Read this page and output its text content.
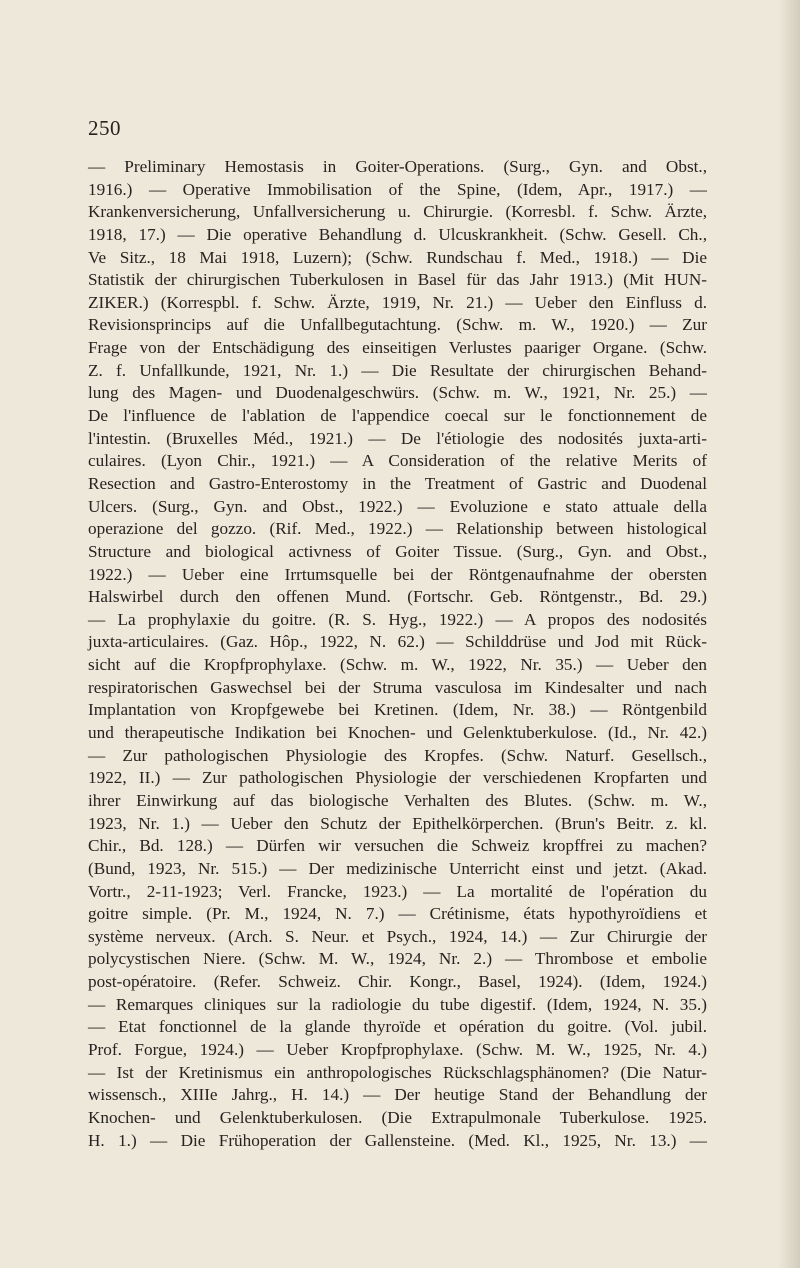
250
— Preliminary Hemostasis in Goiter-Operations. (Surg., Gyn. and Obst.,
1916.) — Operative Immobilisation of the Spine, (Idem, Apr., 1917.) —
Krankenversicherung, Unfallversicherung u. Chirurgie. (Korresbl. f. Schw. Ärzte,
1918, 17.) — Die operative Behandlung d. Ulcuskrankheit. (Schw. Gesell. Ch.,
Ve Sitz., 18 Mai 1918, Luzern); (Schw. Rundschau f. Med., 1918.) — Die
Statistik der chirurgischen Tuberkulosen in Basel für das Jahr 1913.) (Mit HUN-
ZIKER.) (Korrespbl. f. Schw. Ärzte, 1919, Nr. 21.) — Ueber den Einfluss d.
Revisionsprincips auf die Unfallbegutachtung. (Schw. m. W., 1920.) — Zur
Frage von der Entschädigung des einseitigen Verlustes paariger Organe. (Schw.
Z. f. Unfallkunde, 1921, Nr. 1.) — Die Resultate der chirurgischen Behand-
lung des Magen- und Duodenalgeschwürs. (Schw. m. W., 1921, Nr. 25.) —
De l'influence de l'ablation de l'appendice coecal sur le fonctionnement de
l'intestin. (Bruxelles Méd., 1921.) — De l'étiologie des nodosités juxta-arti-
culaires. (Lyon Chir., 1921.) — A Consideration of the relative Merits of
Resection and Gastro-Enterostomy in the Treatment of Gastric and Duodenal
Ulcers. (Surg., Gyn. and Obst., 1922.) — Evoluzione e stato attuale della
operazione del gozzo. (Rif. Med., 1922.) — Relationship between histological
Structure and biological activness of Goiter Tissue. (Surg., Gyn. and Obst.,
1922.) — Ueber eine Irrtumsquelle bei der Röntgenaufnahme der obersten
Halswirbel durch den offenen Mund. (Fortschr. Geb. Röntgenstr., Bd. 29.)
— La prophylaxie du goitre. (R. S. Hyg., 1922.) — A propos des nodosités
juxta-articulaires. (Gaz. Hôp., 1922, N. 62.) — Schilddrüse und Jod mit Rück-
sicht auf die Kropfprophylaxe. (Schw. m. W., 1922, Nr. 35.) — Ueber den
respiratorischen Gaswechsel bei der Struma vasculosa im Kindesalter und nach
Implantation von Kropfgewebe bei Kretinen. (Idem, Nr. 38.) — Röntgenbild
und therapeutische Indikation bei Knochen- und Gelenktuberkulose. (Id., Nr. 42.)
— Zur pathologischen Physiologie des Kropfes. (Schw. Naturf. Gesellsch.,
1922, II.) — Zur pathologischen Physiologie der verschiedenen Kropfarten und
ihrer Einwirkung auf das biologische Verhalten des Blutes. (Schw. m. W.,
1923, Nr. 1.) — Ueber den Schutz der Epithelkörperchen. (Brun's Beitr. z. kl.
Chir., Bd. 128.) — Dürfen wir versuchen die Schweiz kropffrei zu machen?
(Bund, 1923, Nr. 515.) — Der medizinische Unterricht einst und jetzt. (Akad.
Vortr., 2-11-1923; Verl. Francke, 1923.) — La mortalité de l'opération du
goitre simple. (Pr. M., 1924, N. 7.) — Crétinisme, états hypothyroïdiens et
système nerveux. (Arch. S. Neur. et Psych., 1924, 14.) — Zur Chirurgie der
polycystischen Niere. (Schw. M. W., 1924, Nr. 2.) — Thrombose et embolie
post-opératoire. (Refer. Schweiz. Chir. Kongr., Basel, 1924). (Idem, 1924.)
— Remarques cliniques sur la radiologie du tube digestif. (Idem, 1924, N. 35.)
— Etat fonctionnel de la glande thyroïde et opération du goitre. (Vol. jubil.
Prof. Forgue, 1924.) — Ueber Kropfprophylaxe. (Schw. M. W., 1925, Nr. 4.)
— Ist der Kretinismus ein anthropologisches Rückschlagsphänomen? (Die Natur-
wissensch., XIIIe Jahrg., H. 14.) — Der heutige Stand der Behandlung der
Knochen- und Gelenktuberkulosen. (Die Extrapulmonale Tuberkulose. 1925.
H. 1.) — Die Frühoperation der Gallensteine. (Med. Kl., 1925, Nr. 13.) —
